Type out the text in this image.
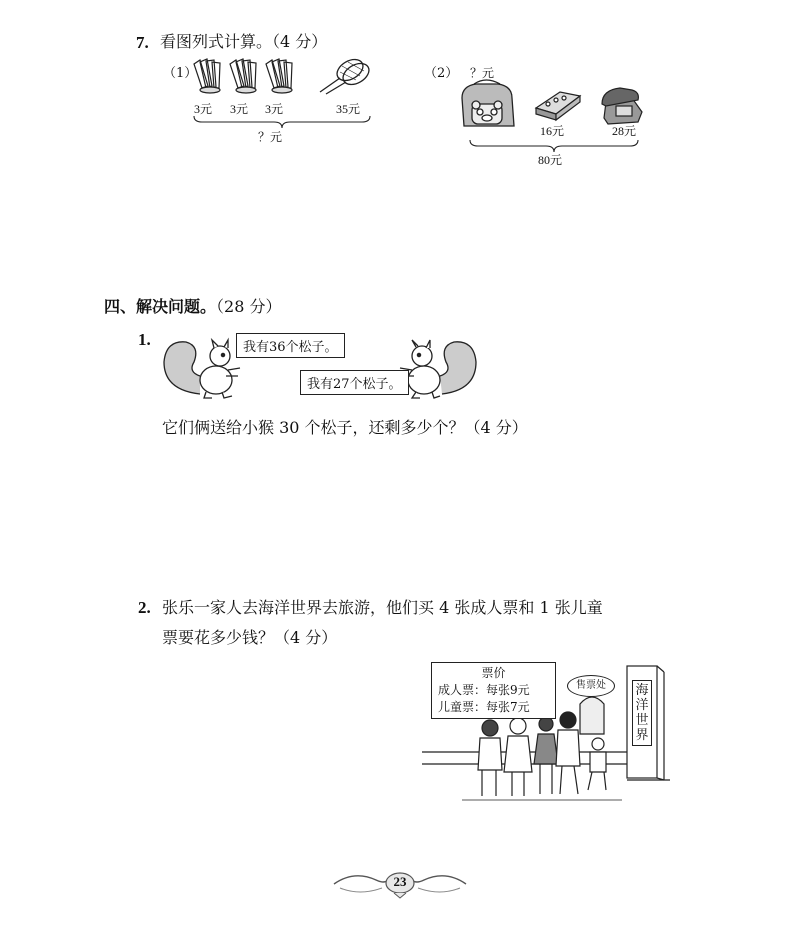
7. 看图列式计算。（4 分）
（1）
3元 3元 3元	35元
？元
（2） ？元
16元	28元
80元
四、解决问题。（28 分）
1.	我有36个松子。
我有27个松子。
它们俩送给小猴 30 个松子，还剩多少个？（4 分）
2. 张乐一家人去海洋世界去旅游，他们买 4 张成人票和 1 张儿童
票要花多少钱？（4 分）
票价
成人票：每张9元
儿童票：每张7元
售票处	海洋世界
23
